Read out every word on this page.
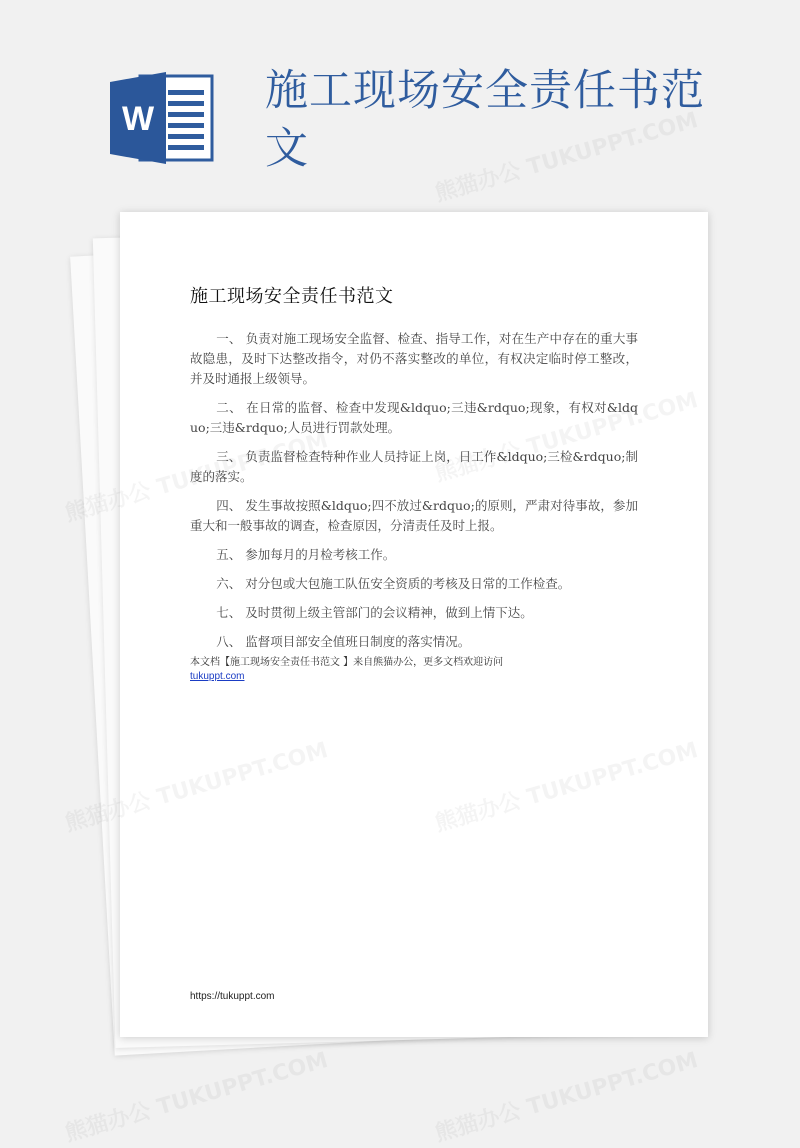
W
施工现场安全责任书范文
施工现场安全责任书范文

一、 负责对施工现场安全监督、检查、指导工作，对在生产中存在的重大事故隐患，及时下达整改指令，对仍不落实整改的单位，有权决定临时停工整改，并及时通报上级领导。

二、 在日常的监督、检查中发现&ldquo;三违&rdquo;现象，有权对&ldquo;三违&rdquo;人员进行罚款处理。

三、 负责监督检查特种作业人员持证上岗，日工作&ldquo;三检&rdquo;制度的落实。

四、 发生事故按照&ldquo;四不放过&rdquo;的原则，严肃对待事故，参加重大和一般事故的调查，检查原因，分清责任及时上报。

五、 参加每月的月检考核工作。

六、 对分包或大包施工队伍安全资质的考核及日常的工作检查。

七、 及时贯彻上级主管部门的会议精神，做到上情下达。

八、 监督项目部安全值班日制度的落实情况。

本文档【施工现场安全责任书范文 】来自熊猫办公，更多文档欢迎访问
tukuppt.com
https://tukuppt.com
